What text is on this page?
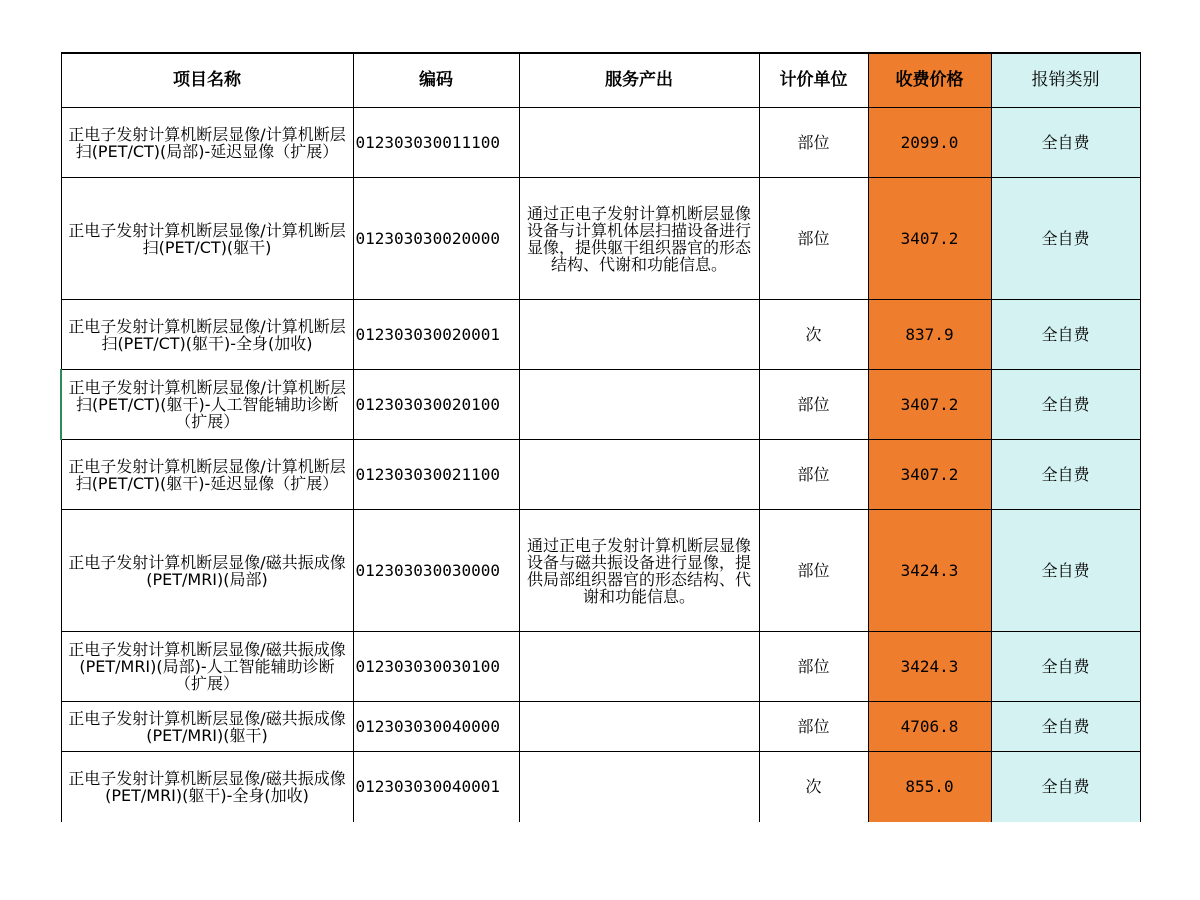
项目名称	编码	服务产出	计价单位	收费价格	报销类别
正电子发射计算机断层显像/计算机断层扫(PET/CT)(局部)-延迟显像（扩展）	012303030011100		部位	2099.0	全自费
正电子发射计算机断层显像/计算机断层扫(PET/CT)(躯干)	012303030020000	通过正电子发射计算机断层显像设备与计算机体层扫描设备进行显像，提供躯干组织器官的形态结构、代谢和功能信息。	部位	3407.2	全自费
正电子发射计算机断层显像/计算机断层扫(PET/CT)(躯干)-全身(加收)	012303030020001		次	837.9	全自费
正电子发射计算机断层显像/计算机断层扫(PET/CT)(躯干)-人工智能辅助诊断（扩展）	012303030020100		部位	3407.2	全自费
正电子发射计算机断层显像/计算机断层扫(PET/CT)(躯干)-延迟显像（扩展）	012303030021100		部位	3407.2	全自费
正电子发射计算机断层显像/磁共振成像(PET/MRI)(局部)	012303030030000	通过正电子发射计算机断层显像设备与磁共振设备进行显像，提供局部组织器官的形态结构、代谢和功能信息。	部位	3424.3	全自费
正电子发射计算机断层显像/磁共振成像(PET/MRI)(局部)-人工智能辅助诊断（扩展）	012303030030100		部位	3424.3	全自费
正电子发射计算机断层显像/磁共振成像(PET/MRI)(躯干)	012303030040000		部位	4706.8	全自费
正电子发射计算机断层显像/磁共振成像(PET/MRI)(躯干)-全身(加收)	012303030040001		次	855.0	全自费
